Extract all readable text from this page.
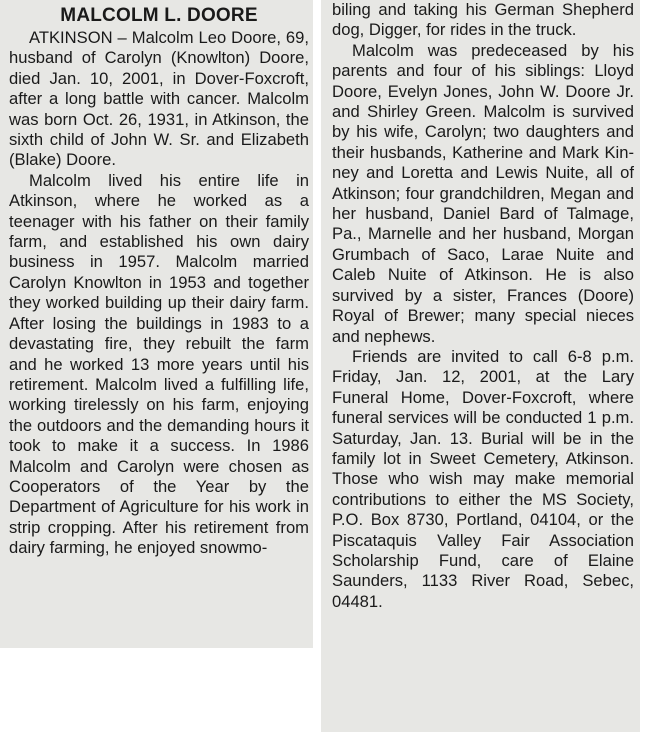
MALCOLM L. DOORE

ATKINSON – Malcolm Leo Doore, 69, husband of Carolyn (Knowlton) Doore, died Jan. 10, 2001, in Dover-Foxcroft, after a long battle with cancer. Malcolm was born Oct. 26, 1931, in Atkinson, the sixth child of John W. Sr. and Elizabeth (Blake) Doore.

Malcolm lived his entire life in Atkinson, where he worked as a teenager with his father on their family farm, and established his own dairy business in 1957. Malcolm married Carolyn Knowlton in 1953 and together they worked building up their dairy farm. After losing the buildings in 1983 to a devastating fire, they rebuilt the farm and he worked 13 more years until his retirement. Malcolm lived a fulfilling life, working tirelessly on his farm, enjoying the outdoors and the demanding hours it took to make it a success. In 1986 Malcolm and Carolyn were chosen as Cooperators of the Year by the Department of Agriculture for his work in strip cropping. After his retirement from dairy farming, he enjoyed snowmo-

biling and taking his German Shepherd dog, Digger, for rides in the truck.

Malcolm was predeceased by his parents and four of his siblings: Lloyd Doore, Evelyn Jones, John W. Doore Jr. and Shirley Green. Malcolm is survived by his wife, Carolyn; two daughters and their husbands, Katherine and Mark Kinney and Loretta and Lewis Nuite, all of Atkinson; four grandchildren, Megan and her husband, Daniel Bard of Talmage, Pa., Marnelle and her husband, Morgan Grumbach of Saco, Larae Nuite and Caleb Nuite of Atkinson. He is also survived by a sister, Frances (Doore) Royal of Brewer; many special nieces and nephews.

Friends are invited to call 6-8 p.m. Friday, Jan. 12, 2001, at the Lary Funeral Home, Dover-Foxcroft, where funeral services will be conducted 1 p.m. Saturday, Jan. 13. Burial will be in the family lot in Sweet Cemetery, Atkinson. Those who wish may make memorial contributions to either the MS Society, P.O. Box 8730, Portland, 04104, or the Piscataquis Valley Fair Association Scholarship Fund, care of Elaine Saunders, 1133 River Road, Sebec, 04481.
